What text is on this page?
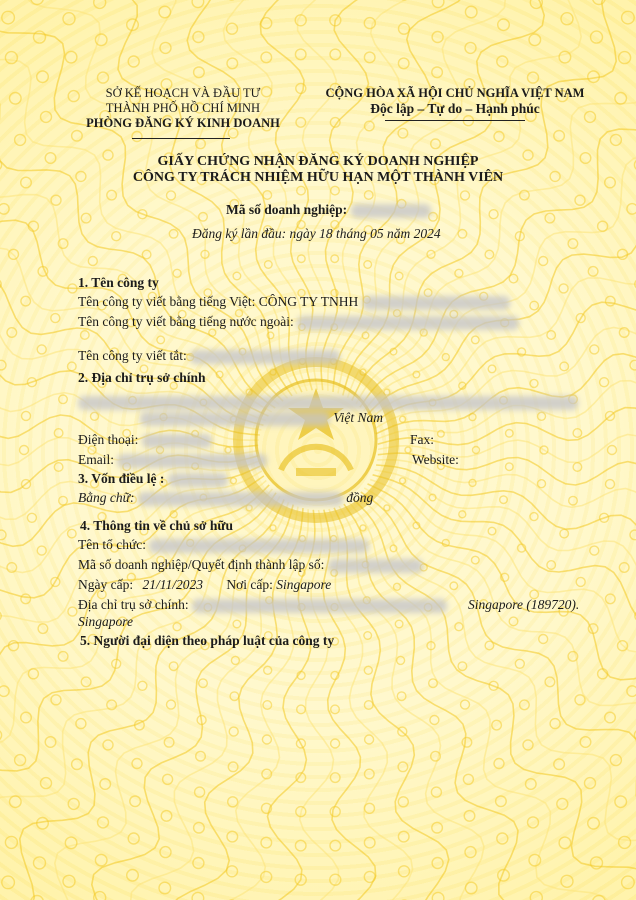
SỞ KẾ HOẠCH VÀ ĐẦU TƯ
THÀNH PHỐ HỒ CHÍ MINH
PHÒNG ĐĂNG KÝ KINH DOANH
CỘNG HÒA XÃ HỘI CHỦ NGHĨA VIỆT NAM
Độc lập – Tự do – Hạnh phúc
GIẤY CHỨNG NHẬN ĐĂNG KÝ DOANH NGHIỆP
CÔNG TY TRÁCH NHIỆM HỮU HẠN MỘT THÀNH VIÊN
Mã số doanh nghiệp:
Đăng ký lần đầu: ngày 18 tháng 05 năm 2024
1. Tên công ty
Tên công ty viết bằng tiếng Việt: CÔNG TY TNHH
Tên công ty viết bằng tiếng nước ngoài:
Tên công ty viết tắt:
2. Địa chỉ trụ sở chính
Việt Nam
Điện thoại:	Fax:
Email:	Website:
3. Vốn điều lệ :
Bằng chữ:	đồng
4. Thông tin về chủ sở hữu
Tên tổ chức:
Mã số doanh nghiệp/Quyết định thành lập số:
Ngày cấp: 21/11/2023 Nơi cấp: Singapore
Địa chỉ trụ sở chính:	Singapore (189720).
Singapore
5. Người đại diện theo pháp luật của công ty
